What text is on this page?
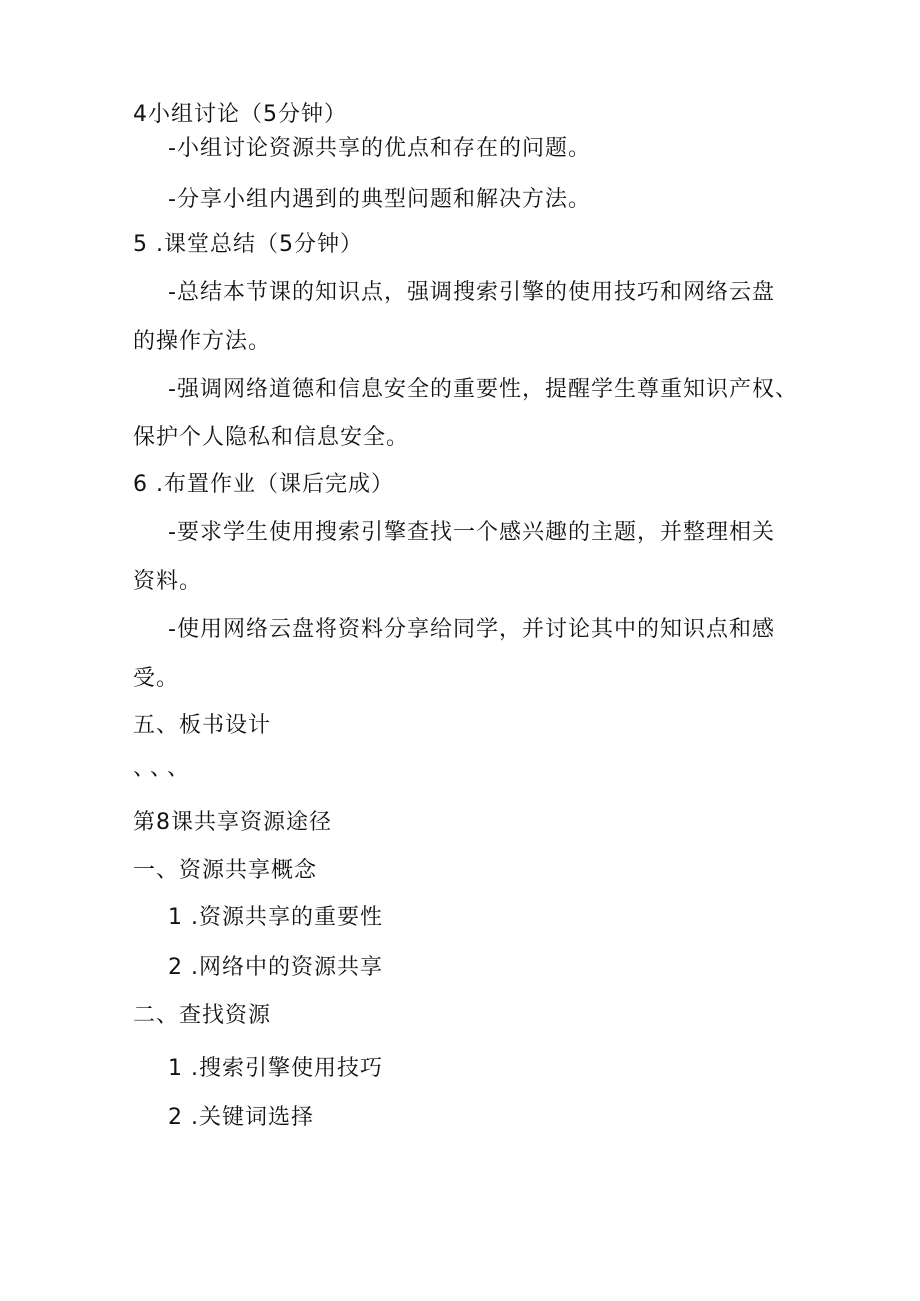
4小组讨论（5分钟）
-小组讨论资源共享的优点和存在的问题。
-分享小组内遇到的典型问题和解决方法。
5 .课堂总结（5分钟）
-总结本节课的知识点，强调搜索引擎的使用技巧和网络云盘
的操作方法。
-强调网络道德和信息安全的重要性，提醒学生尊重知识产权、
保护个人隐私和信息安全。
6 .布置作业（课后完成）
-要求学生使用搜索引擎查找一个感兴趣的主题，并整理相关
资料。
-使用网络云盘将资料分享给同学，并讨论其中的知识点和感
受。
五、板书设计
、、、
第8课共享资源途径
一、资源共享概念
1 .资源共享的重要性
2 .网络中的资源共享
二、查找资源
1 .搜索引擎使用技巧
2 .关键词选择
